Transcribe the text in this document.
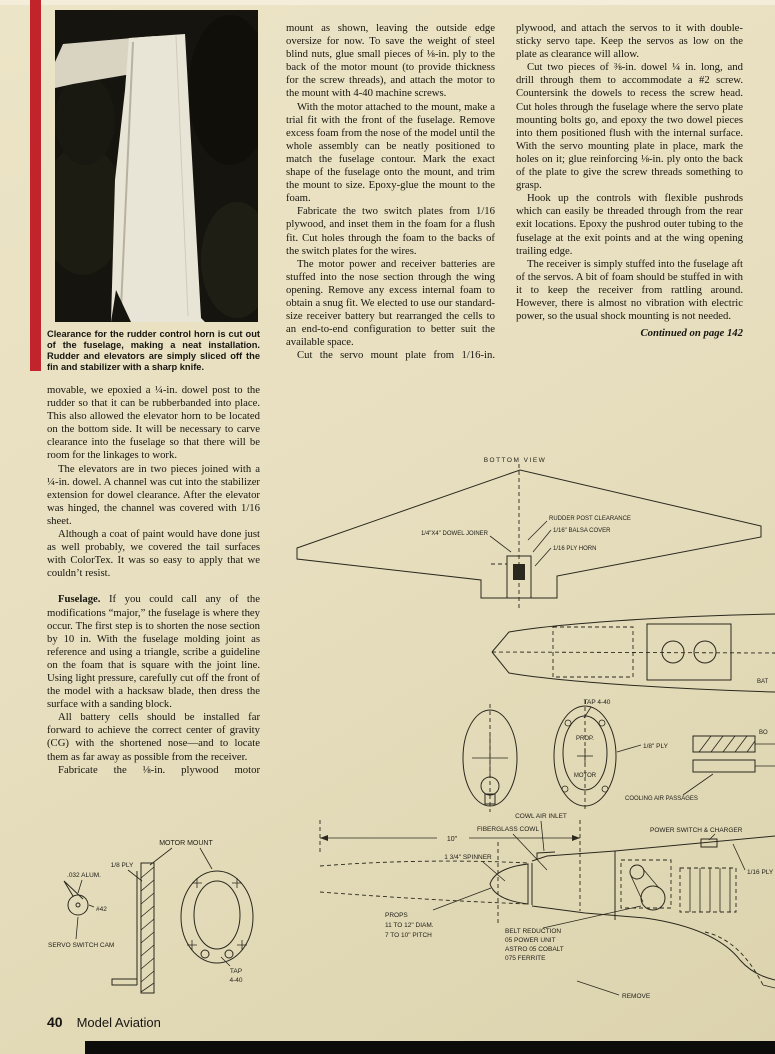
Clearance for the rudder control horn is cut out of the fuselage, making a neat installation. Rudder and elevators are simply sliced off the fin and stabilizer with a sharp knife.

movable, we epoxied a ¼-in. dowel post to the rudder so that it can be rubberbanded into place. This also allowed the elevator horn to be located on the bottom side. It will be necessary to carve clearance into the fuselage so that there will be room for the linkages to work.

The elevators are in two pieces joined with a ¼-in. dowel. A channel was cut into the stabilizer extension for dowel clearance. After the elevator was hinged, the channel was covered with 1/16 sheet.

Although a coat of paint would have done just as well probably, we covered the tail surfaces with ColorTex. It was so easy to apply that we couldn’t resist.

Fuselage. If you could call any of the modifications “major,” the fuselage is where they occur. The first step is to shorten the nose section by 10 in. With the fuselage molding joint as reference and using a triangle, scribe a guideline on the foam that is square with the joint line. Using light pressure, carefully cut off the front of the model with a hacksaw blade, then dress the surface with a sanding block.

All battery cells should be installed far forward to achieve the correct center of gravity (CG) with the shortened nose—and to locate them as far away as possible from the receiver.

Fabricate the ⅛-in. plywood motor

mount as shown, leaving the outside edge oversize for now. To save the weight of steel blind nuts, glue small pieces of ⅛-in. ply to the back of the motor mount (to provide thickness for the screw threads), and attach the motor to the mount with 4-40 machine screws.

With the motor attached to the mount, make a trial fit with the front of the fuselage. Remove excess foam from the nose of the model until the whole assembly can be neatly positioned to match the fuselage contour. Mark the exact shape of the fuselage onto the mount, and trim the mount to size. Epoxy-glue the mount to the foam.

Fabricate the two switch plates from 1/16 plywood, and inset them in the foam for a flush fit. Cut holes through the foam to the backs of the switch plates for the wires.

The motor power and receiver batteries are stuffed into the nose section through the wing opening. Remove any excess internal foam to obtain a snug fit. We elected to use our standard-size receiver battery but rearranged the cells to an end-to-end configuration to better suit the available space.

Cut the servo mount plate from 1/16-in.

plywood, and attach the servos to it with double-sticky servo tape. Keep the servos as low on the plate as clearance will allow.

Cut two pieces of ⅜-in. dowel ¼ in. long, and drill through them to accommodate a #2 screw. Countersink the dowels to recess the screw head. Cut holes through the fuselage where the servo plate mounting bolts go, and epoxy the two dowel pieces into them positioned flush with the internal surface. With the servo mounting plate in place, mark the holes on it; glue reinforcing ⅛-in. ply onto the back of the plate to give the screw threads something to grasp.

Hook up the controls with flexible pushrods which can easily be threaded through from the rear exit locations. Epoxy the pushrod outer tubing to the fuselage at the exit points and at the wing opening trailing edge.

The receiver is simply stuffed into the fuselage aft of the servos. A bit of foam should be stuffed in with it to keep the receiver from rattling around. However, there is almost no vibration with electric power, so the usual shock mounting is not needed.

Continued on page 142
MOTOR MOUNT
1/8 PLY
.032 ALUM.
#42
SERVO SWITCH CAM
TAP
4-40
BOTTOM VIEW
1/4"X4" DOWEL JOINER
RUDDER POST CLEARANCE
1/16" BALSA COVER
1/16 PLY HORN
BAT
BO
PROP.
MOTOR
TAP 4-40
1/8" PLY
COOLING AIR PASSAGES
10"
COWL AIR INLET
FIBERGLASS COWL
1 3/4" SPINNER
POWER SWITCH & CHARGER
1/16 PLY
PROPS
11 TO 12" DIAM.
7 TO 10" PITCH
BELT REDUCTION
05 POWER UNIT
ASTRO 05 COBALT
075 FERRITE
REMOVE
40 Model Aviation
